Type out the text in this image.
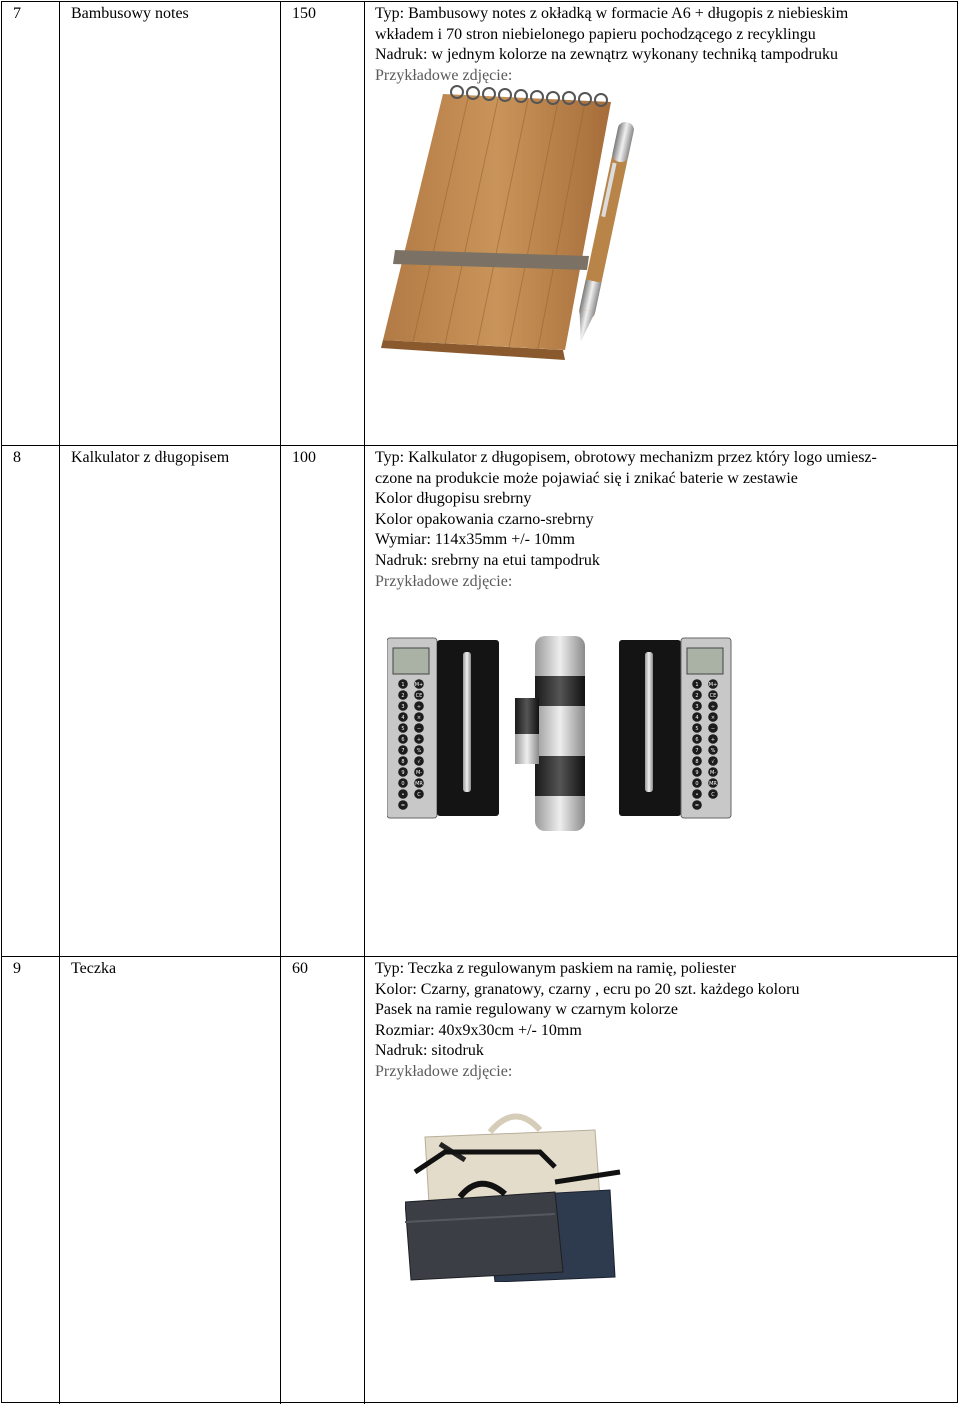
7	Bambusowy notes	150	Typ: Bambusowy notes z okładką w formacie A6 + długopis z niebieskim
wkładem i 70 stron niebielonego papieru pochodzącego z recyklingu
Nadruk: w jednym kolorze na zewnątrz wykonany techniką tampodruku
Przykładowe zdjęcie:
8	Kalkulator z długopisem	100	Typ: Kalkulator z długopisem, obrotowy mechanizm przez który logo umiesz-
czone na produkcie może pojawiać się i znikać baterie w zestawie
Kolor długopisu srebrny
Kolor opakowania czarno-srebrny
Wymiar: 114x35mm +/- 10mm
Nadruk: srebrny na etui tampodruk
Przykładowe zdjęcie:
1
2
3
4
5
6
7
8
9
0
•
=
M+
CE
÷
×
−
+
%
√
M-
MR
C
1
2
3
4
5
6
7
8
9
0
•
=
M+
CE
÷
×
−
+
%
√
M-
MR
C
9	Teczka	60	Typ: Teczka z regulowanym paskiem na ramię, poliester
Kolor: Czarny, granatowy, czarny , ecru po 20 szt. każdego koloru
Pasek na ramie regulowany w czarnym kolorze
Rozmiar: 40x9x30cm +/- 10mm
Nadruk: sitodruk
Przykładowe zdjęcie:
